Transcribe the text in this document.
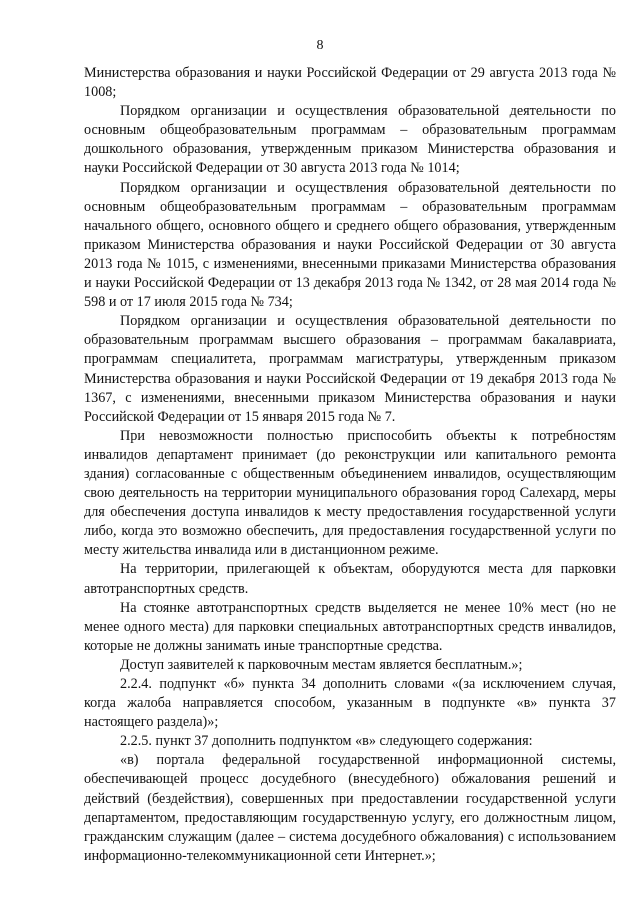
8

Министерства образования и науки Российской Федерации от 29 августа 2013 года № 1008;

Порядком организации и осуществления образовательной деятельности по основным общеобразовательным программам – образовательным программам дошкольного образования, утвержденным приказом Министерства образования и науки Российской Федерации от 30 августа 2013 года № 1014;

Порядком организации и осуществления образовательной деятельности по основным общеобразовательным программам – образовательным программам начального общего, основного общего и среднего общего образования, утвержденным приказом Министерства образования и науки Российской Федерации от 30 августа 2013 года № 1015, с изменениями, внесенными приказами Министерства образования и науки Российской Федерации от 13 декабря 2013 года № 1342, от 28 мая 2014 года № 598 и от 17 июля 2015 года № 734;

Порядком организации и осуществления образовательной деятельности по образовательным программам высшего образования – программам бакалавриата, программам специалитета, программам магистратуры, утвержденным приказом Министерства образования и науки Российской Федерации от 19 декабря 2013 года № 1367, с изменениями, внесенными приказом Министерства образования и науки Российской Федерации от 15 января 2015 года № 7.

При невозможности полностью приспособить объекты к потребностям инвалидов департамент принимает (до реконструкции или капитального ремонта здания) согласованные с общественным объединением инвалидов, осуществляющим свою деятельность на территории муниципального образования город Салехард, меры для обеспечения доступа инвалидов к месту предоставления государственной услуги либо, когда это возможно обеспечить, для предоставления государственной услуги по месту жительства инвалида или в дистанционном режиме.

На территории, прилегающей к объектам, оборудуются места для парковки автотранспортных средств.

На стоянке автотранспортных средств выделяется не менее 10% мест (но не менее одного места) для парковки специальных автотранспортных средств инвалидов, которые не должны занимать иные транспортные средства.

Доступ заявителей к парковочным местам является бесплатным.»;

2.2.4. подпункт «б» пункта 34 дополнить словами «(за исключением случая, когда жалоба направляется способом, указанным в подпункте «в» пункта 37 настоящего раздела)»;

2.2.5. пункт 37 дополнить подпунктом «в» следующего содержания:

«в) портала федеральной государственной информационной системы, обеспечивающей процесс досудебного (внесудебного) обжалования решений и действий (бездействия), совершенных при предоставлении государственной услуги департаментом, предоставляющим государственную услугу, его должностным лицом, гражданским служащим (далее – система досудебного обжалования) с использованием информационно-телекоммуникационной сети Интернет.»;
